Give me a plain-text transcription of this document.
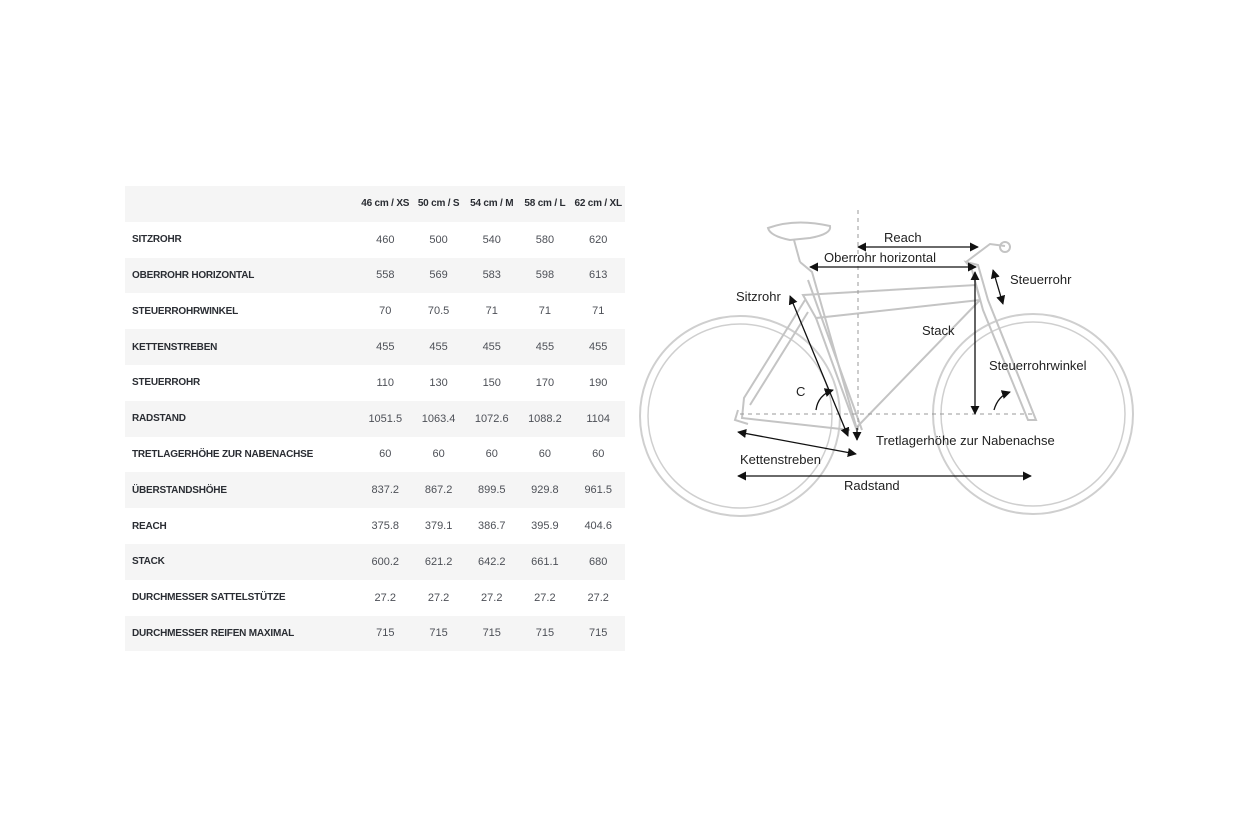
	46 cm / XS	50 cm / S	54 cm / M	58 cm / L	62 cm / XL
SITZROHR	460	500	540	580	620
OBERROHR HORIZONTAL	558	569	583	598	613
STEUERROHRWINKEL	70	70.5	71	71	71
KETTENSTREBEN	455	455	455	455	455
STEUERROHR	110	130	150	170	190
RADSTAND	1051.5	1063.4	1072.6	1088.2	1104
TRETLAGERHÖHE ZUR NABENACHSE	60	60	60	60	60
ÜBERSTANDSHÖHE	837.2	867.2	899.5	929.8	961.5
REACH	375.8	379.1	386.7	395.9	404.6
STACK	600.2	621.2	642.2	661.1	680
DURCHMESSER SATTELSTÜTZE	27.2	27.2	27.2	27.2	27.2
DURCHMESSER REIFEN MAXIMAL	715	715	715	715	715
Reach
Oberrohr horizontal
Steuerrohr
Sitzrohr
Stack
Steuerrohrwinkel
C
Tretlagerhöhe zur Nabenachse
Kettenstreben
Radstand
